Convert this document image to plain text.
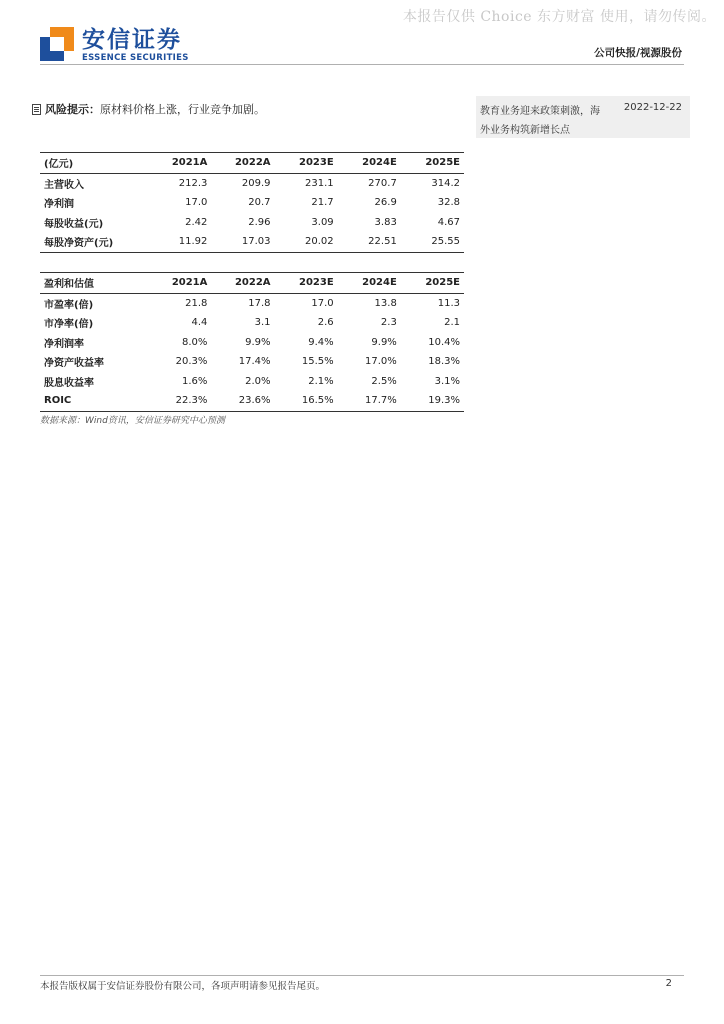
本报告仅供 Choice 东方财富 使用，请勿传阅。
安信证券
ESSENCE SECURITIES	公司快报/视源股份
风险提示： 原材料价格上涨，行业竞争加剧。	教育业务迎来政策刺激，海 2022-12-22
外业务构筑新增长点
(亿元)	2021A	2022A	2023E	2024E	2025E
主营收入	212.3	209.9	231.1	270.7	314.2
净利润	17.0	20.7	21.7	26.9	32.8
每股收益(元)	2.42	2.96	3.09	3.83	4.67
每股净资产(元)	11.92	17.03	20.02	22.51	25.55
盈利和估值	2021A	2022A	2023E	2024E	2025E
市盈率(倍)	21.8	17.8	17.0	13.8	11.3
市净率(倍)	4.4	3.1	2.6	2.3	2.1
净利润率	8.0%	9.9%	9.4%	9.9%	10.4%
净资产收益率	20.3%	17.4%	15.5%	17.0%	18.3%
股息收益率	1.6%	2.0%	2.1%	2.5%	3.1%
ROIC	22.3%	23.6%	16.5%	17.7%	19.3%
数据来源：Wind资讯，安信证券研究中心预测
本报告版权属于安信证券股份有限公司，各项声明请参见报告尾页。	2
